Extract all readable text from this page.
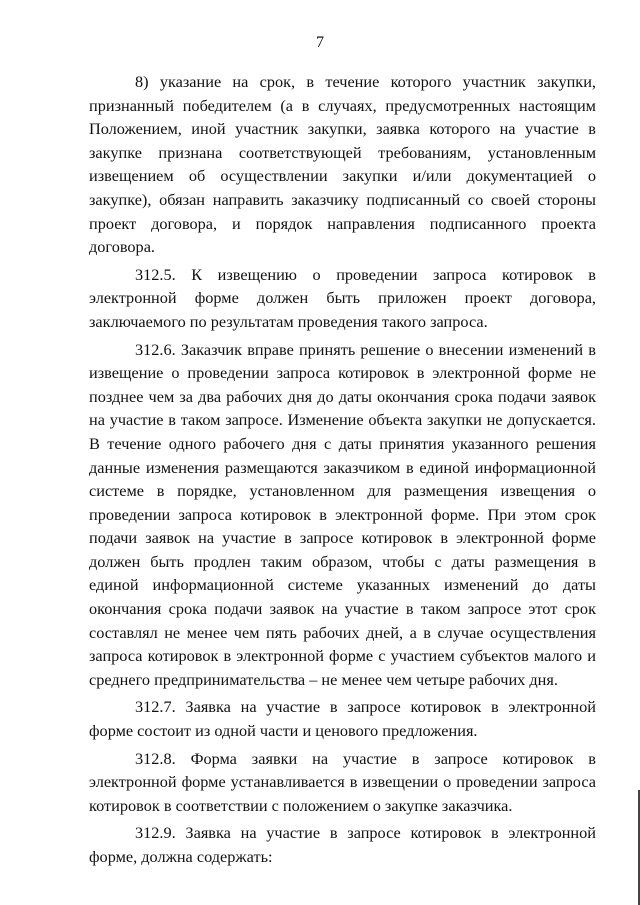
7

8) указание на срок, в течение которого участник закупки, признанный победителем (а в случаях, предусмотренных настоящим Положением, иной участник закупки, заявка которого на участие в закупке признана соответствующей требованиям, установленным извещением об осуществлении закупки и/или документацией о закупке), обязан направить заказчику подписанный со своей стороны проект договора, и порядок направления подписанного проекта договора.

312.5. К извещению о проведении запроса котировок в электронной форме должен быть приложен проект договора, заключаемого по результатам проведения такого запроса.

312.6. Заказчик вправе принять решение о внесении изменений в извещение о проведении запроса котировок в электронной форме не позднее чем за два рабочих дня до даты окончания срока подачи заявок на участие в таком запросе. Изменение объекта закупки не допускается. В течение одного рабочего дня с даты принятия указанного решения данные изменения размещаются заказчиком в единой информационной системе в порядке, установленном для размещения извещения о проведении запроса котировок в электронной форме. При этом срок подачи заявок на участие в запросе котировок в электронной форме должен быть продлен таким образом, чтобы с даты размещения в единой информационной системе указанных изменений до даты окончания срока подачи заявок на участие в таком запросе этот срок составлял не менее чем пять рабочих дней, а в случае осуществления запроса котировок в электронной форме с участием субъектов малого и среднего предпринимательства – не менее чем четыре рабочих дня.

312.7. Заявка на участие в запросе котировок в электронной форме состоит из одной части и ценового предложения.

312.8. Форма заявки на участие в запросе котировок в электронной форме устанавливается в извещении о проведении запроса котировок в соответствии с положением о закупке заказчика.

312.9. Заявка на участие в запросе котировок в электронной форме, должна содержать:
